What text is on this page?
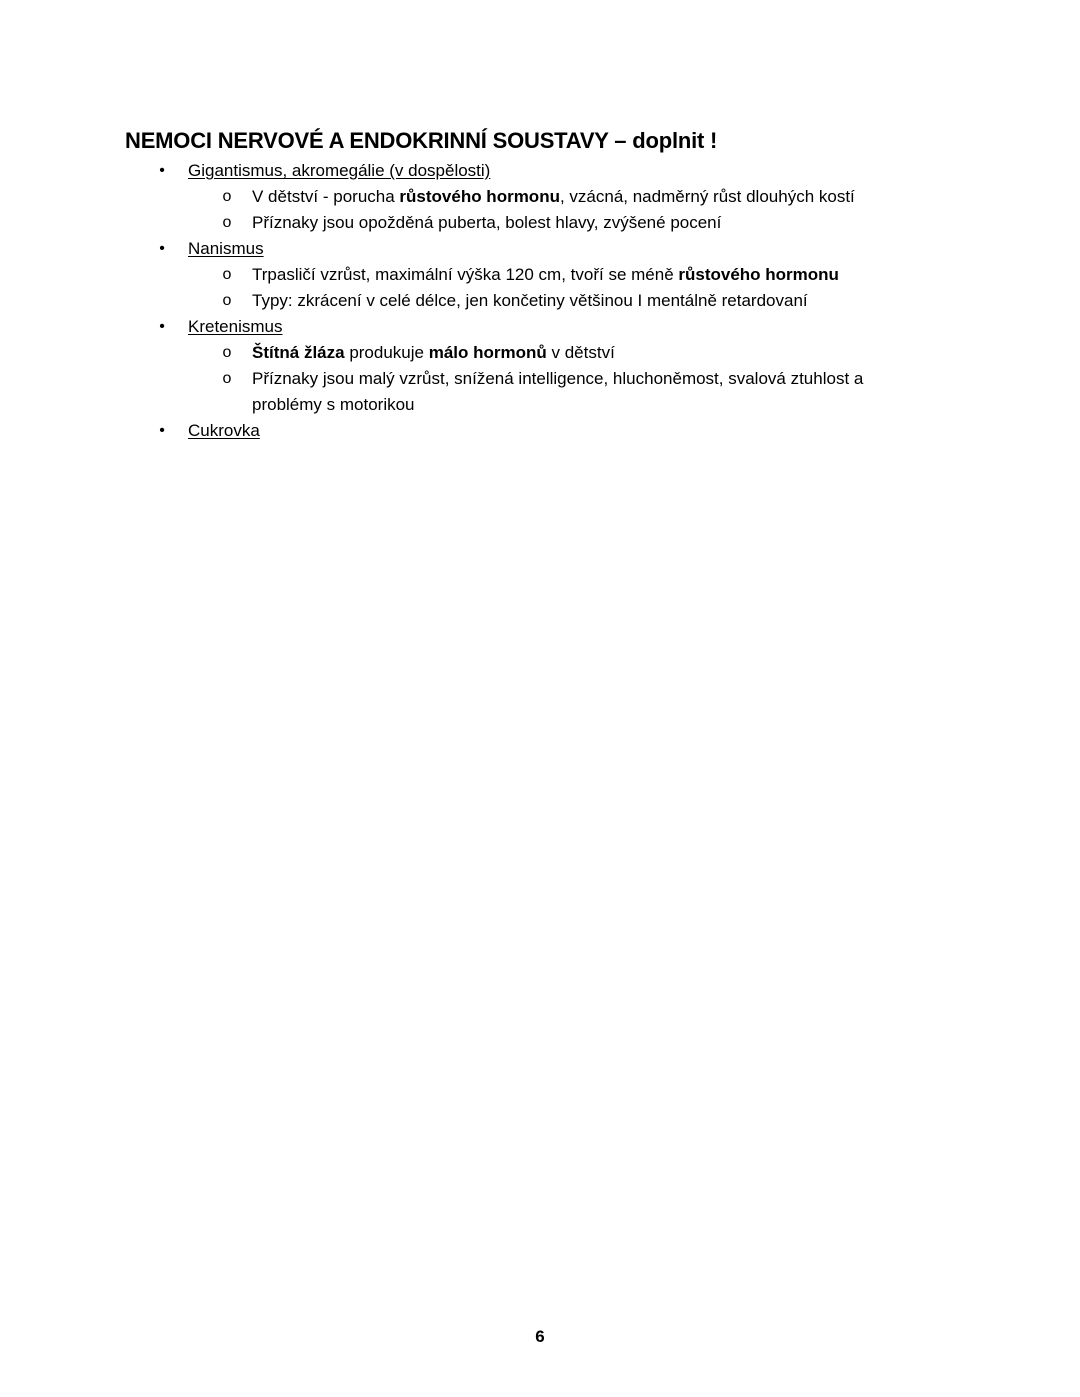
NEMOCI NERVOVÉ A ENDOKRINNÍ SOUSTAVY – doplnit !
• Gigantismus, akromegálie (v dospělosti)
o V dětství - porucha růstového hormonu, vzácná, nadměrný růst dlouhých kostí
o Příznaky jsou opožděná puberta, bolest hlavy, zvýšené pocení
• Nanismus
o Trpasličí vzrůst, maximální výška 120 cm, tvoří se méně růstového hormonu
o Typy: zkrácení v celé délce, jen končetiny většinou I mentálně retardovaní
• Kretenismus
o Štítná žláza produkuje málo hormonů v dětství
o Příznaky jsou malý vzrůst, snížená intelligence, hluchoněmost, svalová ztuhlost a problémy s motorikou
• Cukrovka
6
